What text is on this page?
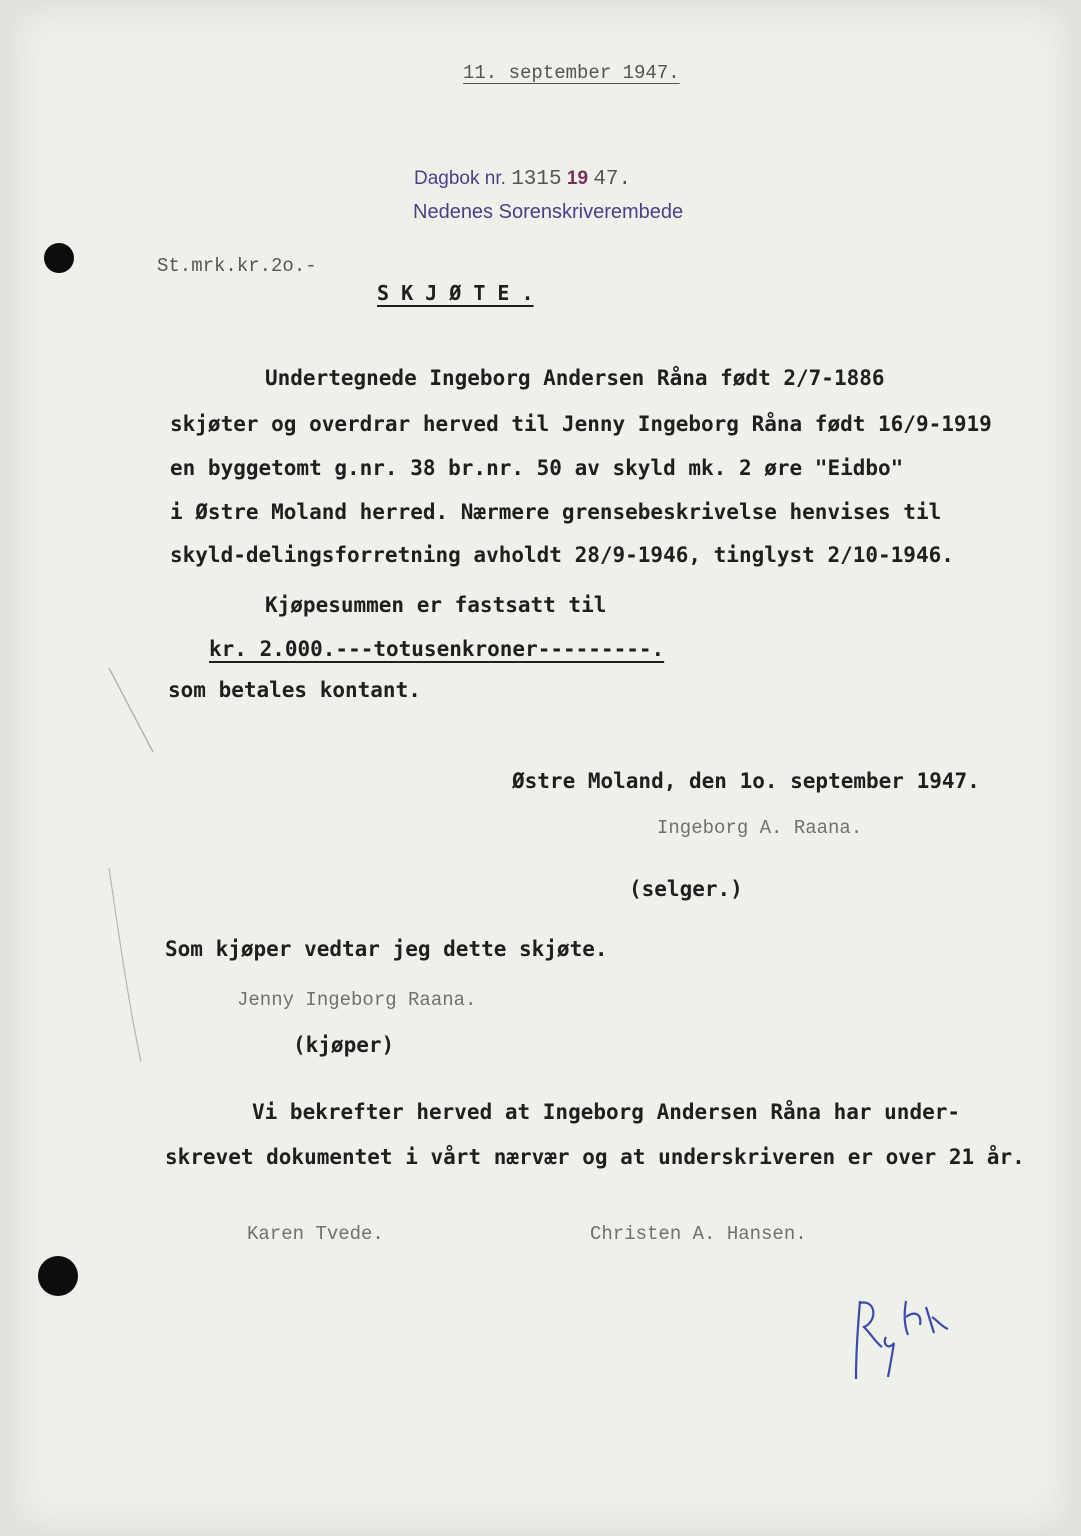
11. september 1947.
Dagbok nr. 1315 19 47.
Nedenes Sorenskriverembede
St.mrk.kr.2o.-
S K J Ø T E .
Undertegnede Ingeborg Andersen Råna født 2/7-1886
skjøter og overdrar herved til Jenny Ingeborg Råna født 16/9-1919
en byggetomt g.nr. 38 br.nr. 50 av skyld mk. 2 øre "Eidbo"
i Østre Moland herred. Nærmere grensebeskrivelse henvises til
skyld-delingsforretning avholdt 28/9-1946, tinglyst 2/10-1946.
Kjøpesummen er fastsatt til
kr. 2.000.---totusenkroner---------.
som betales kontant.
Østre Moland, den 1o. september 1947.
Ingeborg A. Raana.
(selger.)
Som kjøper vedtar jeg dette skjøte.
Jenny Ingeborg Raana.
(kjøper)
Vi bekrefter herved at Ingeborg Andersen Råna har under-
skrevet dokumentet i vårt nærvær og at underskriveren er over 21 år.
Karen Tvede.	Christen A. Hansen.
